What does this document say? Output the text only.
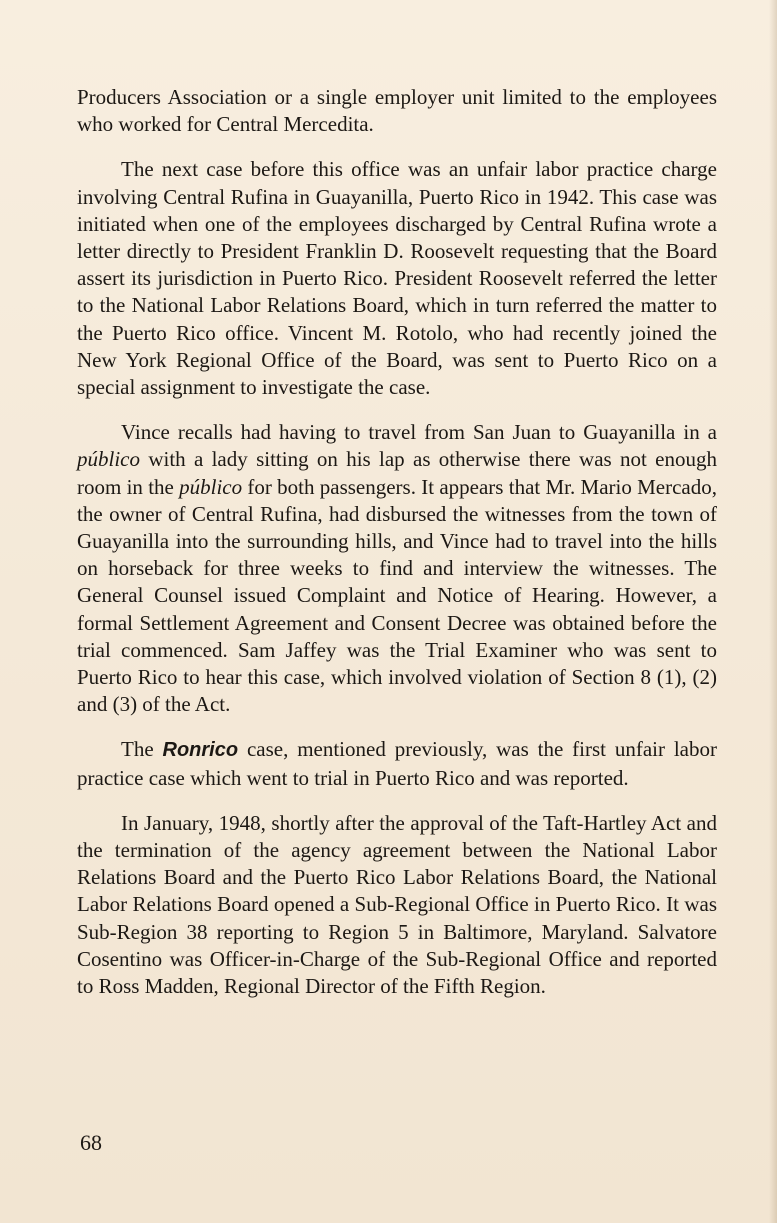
Producers Association or a single employer unit limited to the employees who worked for Central Mercedita.

The next case before this office was an unfair labor practice charge involving Central Rufina in Guayanilla, Puerto Rico in 1942. This case was initiated when one of the employees discharged by Central Rufina wrote a letter directly to President Franklin D. Roosevelt requesting that the Board assert its jurisdiction in Puerto Rico. President Roosevelt referred the letter to the National Labor Relations Board, which in turn referred the matter to the Puerto Rico office. Vincent M. Rotolo, who had recently joined the New York Regional Office of the Board, was sent to Puerto Rico on a special assignment to investigate the case.

Vince recalls had having to travel from San Juan to Guayanilla in a público with a lady sitting on his lap as otherwise there was not enough room in the público for both passengers. It appears that Mr. Mario Mercado, the owner of Central Rufina, had disbursed the witnesses from the town of Guayanilla into the surrounding hills, and Vince had to travel into the hills on horseback for three weeks to find and interview the witnesses. The General Counsel issued Complaint and Notice of Hearing. However, a formal Settlement Agreement and Consent Decree was obtained before the trial commenced. Sam Jaffey was the Trial Examiner who was sent to Puerto Rico to hear this case, which involved violation of Section 8 (1), (2) and (3) of the Act.

The Ronrico case, mentioned previously, was the first unfair labor practice case which went to trial in Puerto Rico and was reported.

In January, 1948, shortly after the approval of the Taft-Hartley Act and the termination of the agency agreement between the National Labor Relations Board and the Puerto Rico Labor Relations Board, the National Labor Relations Board opened a Sub-Regional Office in Puerto Rico. It was Sub-Region 38 reporting to Region 5 in Baltimore, Maryland. Salvatore Cosentino was Officer-in-Charge of the Sub-Regional Office and reported to Ross Madden, Regional Director of the Fifth Region.

68
